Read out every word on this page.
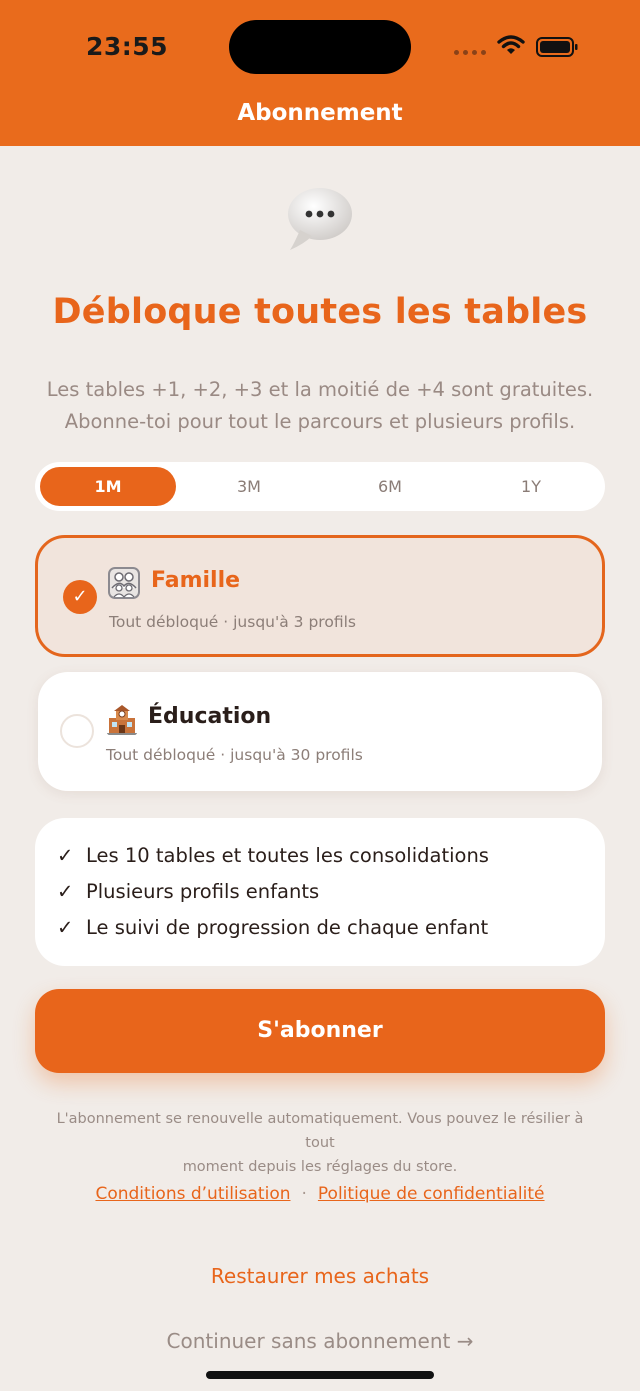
23:55
Abonnement
Débloque toutes les tables
Les tables +1, +2, +3 et la moitié de +4 sont gratuites.
Abonne-toi pour tout le parcours et plusieurs profils.
1M	3M	6M	1Y
✓
Famille
Tout débloqué · jusqu'à 3 profils
Éducation
Tout débloqué · jusqu'à 30 profils
✓ Les 10 tables et toutes les consolidations
✓ Plusieurs profils enfants
✓ Le suivi de progression de chaque enfant
S'abonner
L'abonnement se renouvelle automatiquement. Vous pouvez le résilier à tout
moment depuis les réglages du store.
Conditions d’utilisation · Politique de confidentialité
Restaurer mes achats
Continuer sans abonnement →
